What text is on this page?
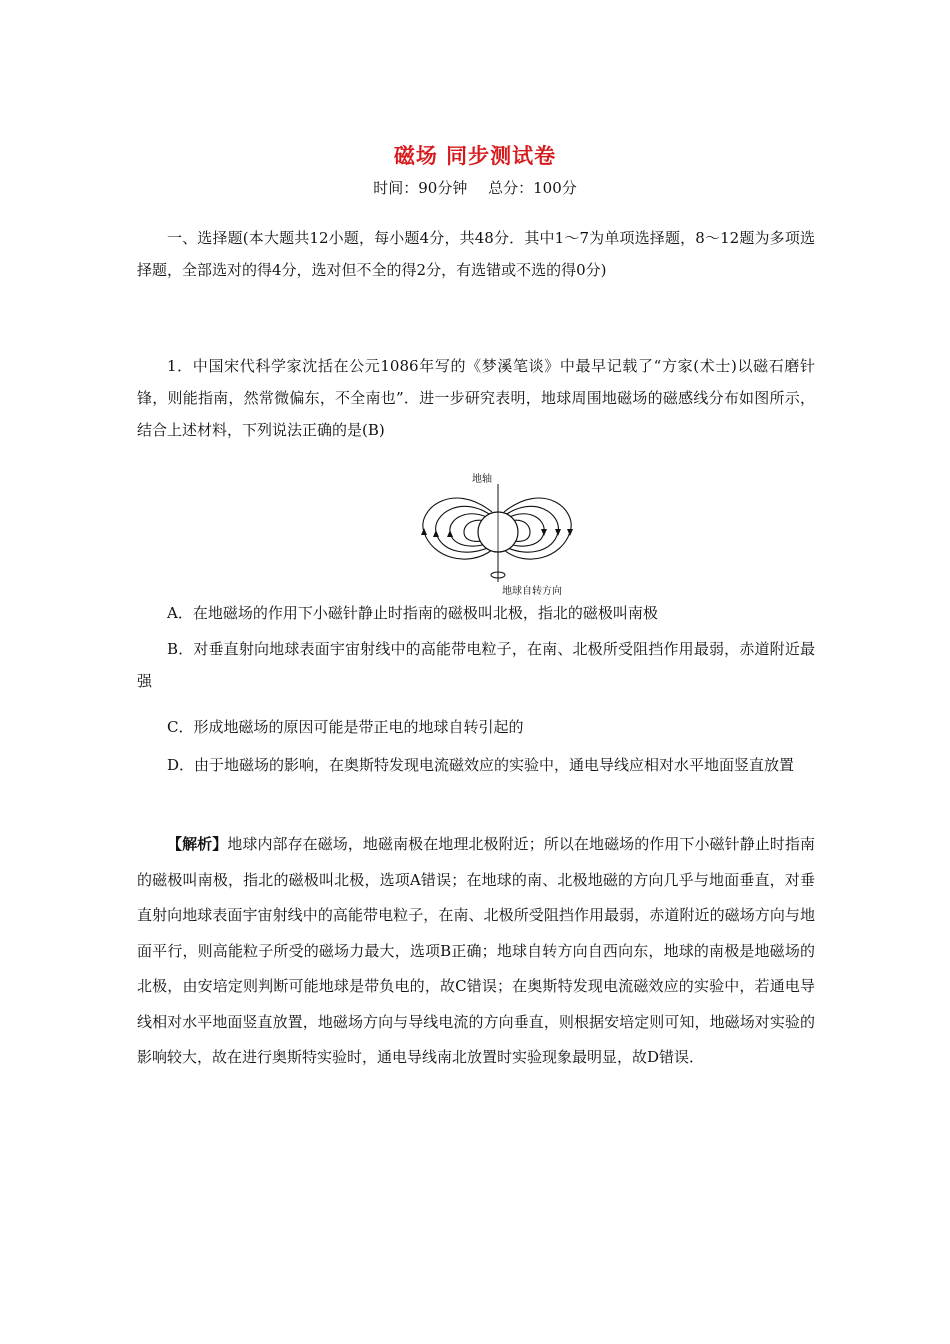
磁场 同步测试卷
时间：90分钟 总分：100分
一、选择题(本大题共12小题，每小题4分，共48分．其中1～7为单项选择题，8～12题为多项选择题，全部选对的得4分，选对但不全的得2分，有选错或不选的得0分)
1．中国宋代科学家沈括在公元1086年写的《梦溪笔谈》中最早记载了“方家(术士)以磁石磨针锋，则能指南，然常微偏东，不全南也”．进一步研究表明，地球周围地磁场的磁感线分布如图所示，结合上述材料，下列说法正确的是(B)
地轴
地球自转方向
A．在地磁场的作用下小磁针静止时指南的磁极叫北极，指北的磁极叫南极
B．对垂直射向地球表面宇宙射线中的高能带电粒子，在南、北极所受阻挡作用最弱，赤道附近最强
C．形成地磁场的原因可能是带正电的地球自转引起的
D．由于地磁场的影响，在奥斯特发现电流磁效应的实验中，通电导线应相对水平地面竖直放置
【解析】地球内部存在磁场，地磁南极在地理北极附近；所以在地磁场的作用下小磁针静止时指南的磁极叫南极，指北的磁极叫北极，选项A错误；在地球的南、北极地磁的方向几乎与地面垂直，对垂直射向地球表面宇宙射线中的高能带电粒子，在南、北极所受阻挡作用最弱，赤道附近的磁场方向与地面平行，则高能粒子所受的磁场力最大，选项B正确；地球自转方向自西向东，地球的南极是地磁场的北极，由安培定则判断可能地球是带负电的，故C错误；在奥斯特发现电流磁效应的实验中，若通电导线相对水平地面竖直放置，地磁场方向与导线电流的方向垂直，则根据安培定则可知，地磁场对实验的影响较大，故在进行奥斯特实验时，通电导线南北放置时实验现象最明显，故D错误．
